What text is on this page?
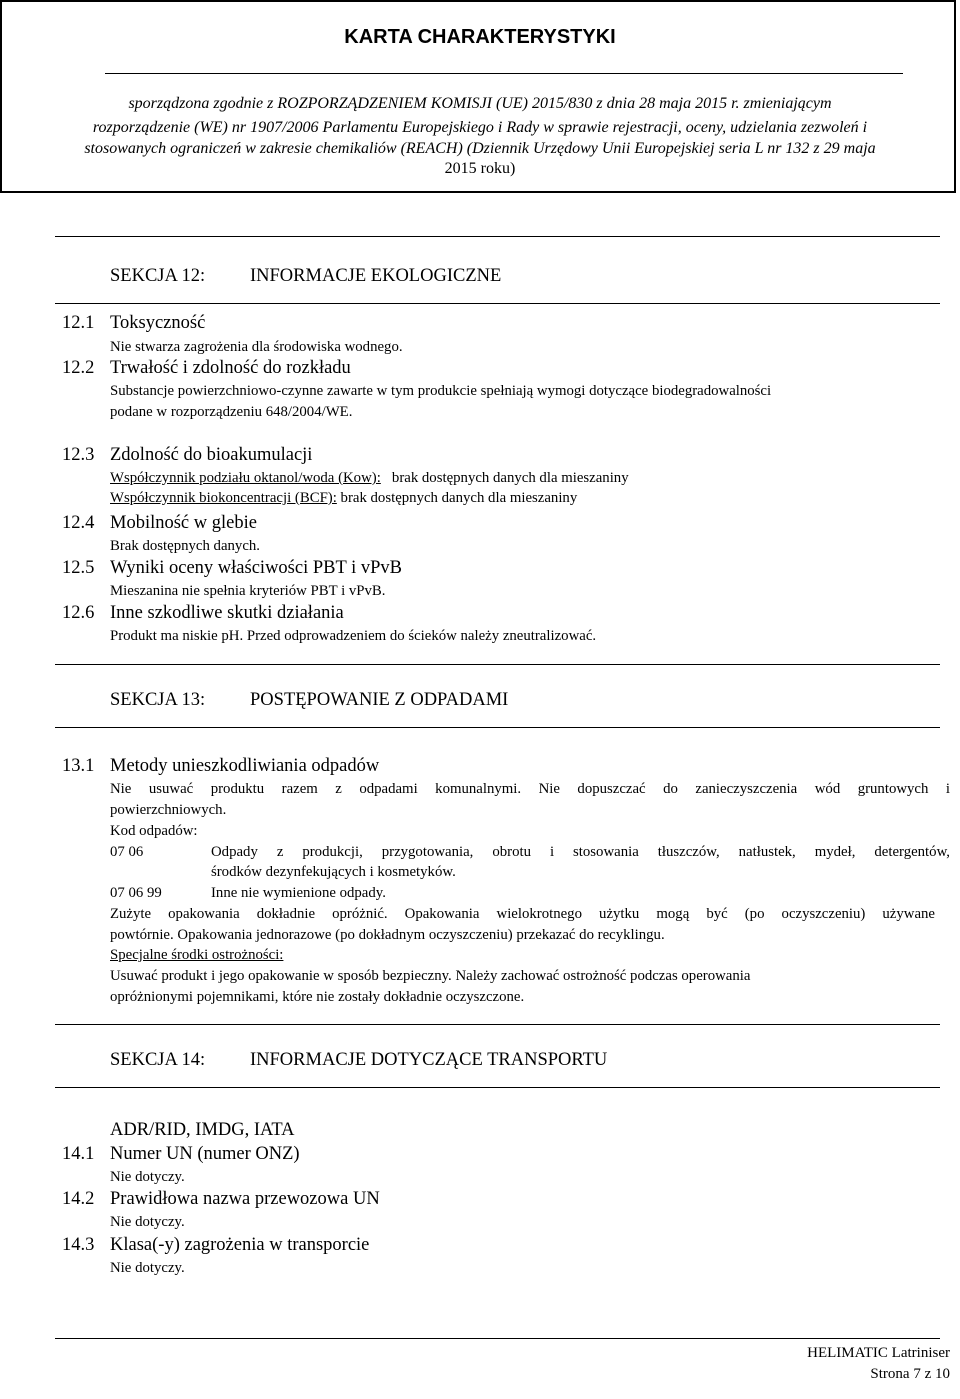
KARTA CHARAKTERYSTYKI
sporządzona zgodnie z ROZPORZĄDZENIEM KOMISJI (UE) 2015/830 z dnia 28 maja 2015 r. zmieniającym
rozporządzenie (WE) nr 1907/2006 Parlamentu Europejskiego i Rady w sprawie rejestracji, oceny, udzielania zezwoleń i
stosowanych ograniczeń w zakresie chemikaliów (REACH) (Dziennik Urzędowy Unii Europejskiej seria L nr 132 z 29 maja
2015 roku)
SEKCJA 12: INFORMACJE EKOLOGICZNE
12.1 Toksyczność
Nie stwarza zagrożenia dla środowiska wodnego.
12.2 Trwałość i zdolność do rozkładu
Substancje powierzchniowo-czynne zawarte w tym produkcie spełniają wymogi dotyczące biodegradowalności
podane w rozporządzeniu 648/2004/WE.
12.3 Zdolność do bioakumulacji
Współczynnik podziału oktanol/woda (Kow): brak dostępnych danych dla mieszaniny
Współczynnik biokoncentracji (BCF): brak dostępnych danych dla mieszaniny
12.4 Mobilność w glebie
Brak dostępnych danych.
12.5 Wyniki oceny właściwości PBT i vPvB
Mieszanina nie spełnia kryteriów PBT i vPvB.
12.6 Inne szkodliwe skutki działania
Produkt ma niskie pH. Przed odprowadzeniem do ścieków należy zneutralizować.
SEKCJA 13: POSTĘPOWANIE Z ODPADAMI
13.1 Metody unieszkodliwiania odpadów
Nie usuwać produktu razem z odpadami komunalnymi. Nie dopuszczać do zanieczyszczenia wód gruntowych i
powierzchniowych.
Kod odpadów:
07 06	Odpady z produkcji, przygotowania, obrotu i stosowania tłuszczów, natłustek, mydeł, detergentów,
środków dezynfekujących i kosmetyków.
07 06 99	Inne nie wymienione odpady.
Zużyte opakowania dokładnie opróżnić. Opakowania wielokrotnego użytku mogą być (po oczyszczeniu) używane
powtórnie. Opakowania jednorazowe (po dokładnym oczyszczeniu) przekazać do recyklingu.
Specjalne środki ostrożności:
Usuwać produkt i jego opakowanie w sposób bezpieczny. Należy zachować ostrożność podczas operowania
opróżnionymi pojemnikami, które nie zostały dokładnie oczyszczone.
SEKCJA 14: INFORMACJE DOTYCZĄCE TRANSPORTU
ADR/RID, IMDG, IATA
14.1 Numer UN (numer ONZ)
Nie dotyczy.
14.2 Prawidłowa nazwa przewozowa UN
Nie dotyczy.
14.3 Klasa(-y) zagrożenia w transporcie
Nie dotyczy.
HELIMATIC Latriniser
Strona 7 z 10
